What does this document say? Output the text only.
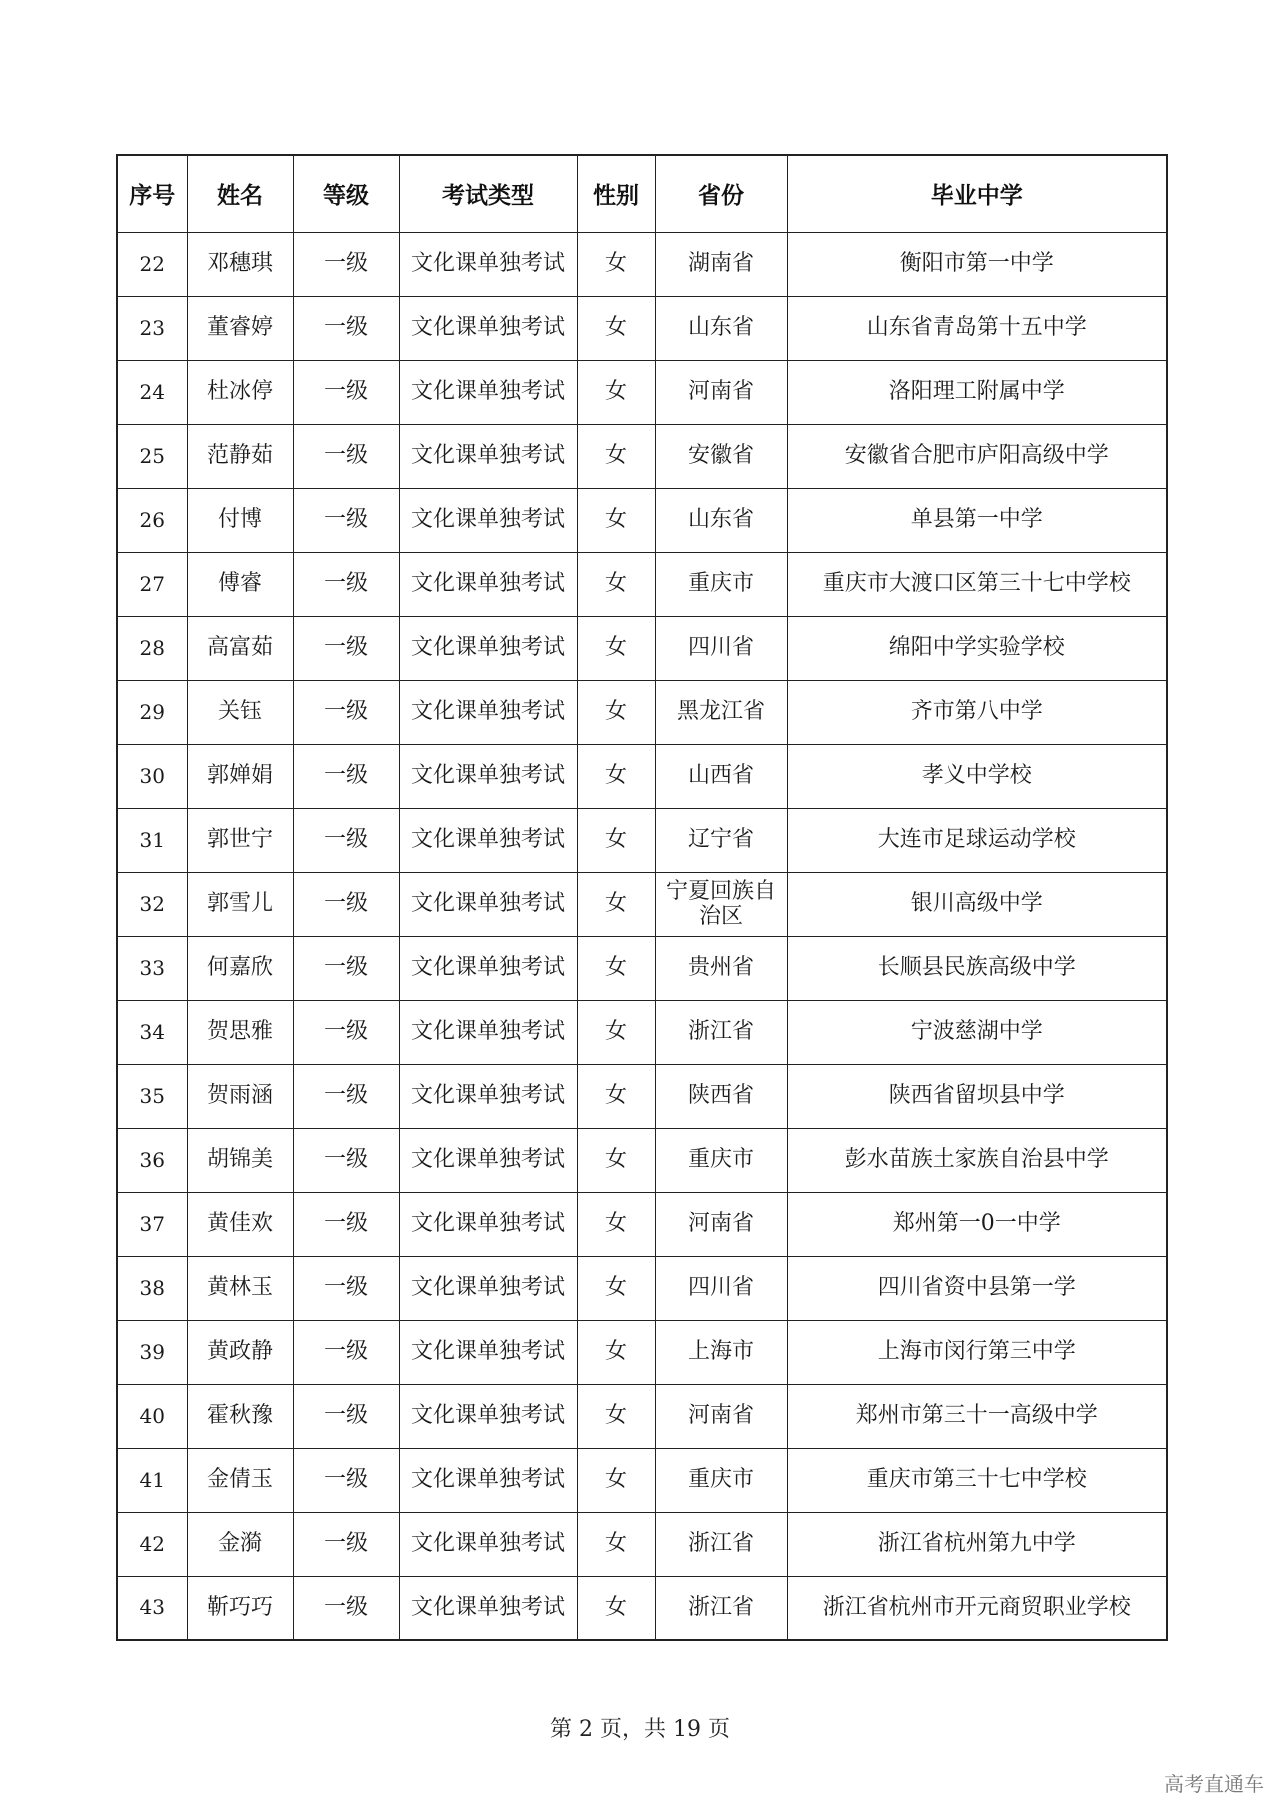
序号	姓名	等级	考试类型	性别	省份	毕业中学
22	邓穗琪	一级	文化课单独考试	女	湖南省	衡阳市第一中学
23	董睿婷	一级	文化课单独考试	女	山东省	山东省青岛第十五中学
24	杜冰停	一级	文化课单独考试	女	河南省	洛阳理工附属中学
25	范静茹	一级	文化课单独考试	女	安徽省	安徽省合肥市庐阳高级中学
26	付博	一级	文化课单独考试	女	山东省	单县第一中学
27	傅睿	一级	文化课单独考试	女	重庆市	重庆市大渡口区第三十七中学校
28	高富茹	一级	文化课单独考试	女	四川省	绵阳中学实验学校
29	关钰	一级	文化课单独考试	女	黑龙江省	齐市第八中学
30	郭婵娟	一级	文化课单独考试	女	山西省	孝义中学校
31	郭世宁	一级	文化课单独考试	女	辽宁省	大连市足球运动学校
32	郭雪儿	一级	文化课单独考试	女	宁夏回族自治区	银川高级中学
33	何嘉欣	一级	文化课单独考试	女	贵州省	长顺县民族高级中学
34	贺思雅	一级	文化课单独考试	女	浙江省	宁波慈湖中学
35	贺雨涵	一级	文化课单独考试	女	陕西省	陕西省留坝县中学
36	胡锦美	一级	文化课单独考试	女	重庆市	彭水苗族土家族自治县中学
37	黄佳欢	一级	文化课单独考试	女	河南省	郑州第一0一中学
38	黄林玉	一级	文化课单独考试	女	四川省	四川省资中县第一学
39	黄政静	一级	文化课单独考试	女	上海市	上海市闵行第三中学
40	霍秋豫	一级	文化课单独考试	女	河南省	郑州市第三十一高级中学
41	金倩玉	一级	文化课单独考试	女	重庆市	重庆市第三十七中学校
42	金漪	一级	文化课单独考试	女	浙江省	浙江省杭州第九中学
43	靳巧巧	一级	文化课单独考试	女	浙江省	浙江省杭州市开元商贸职业学校
第 2 页，共 19 页
高考直通车
